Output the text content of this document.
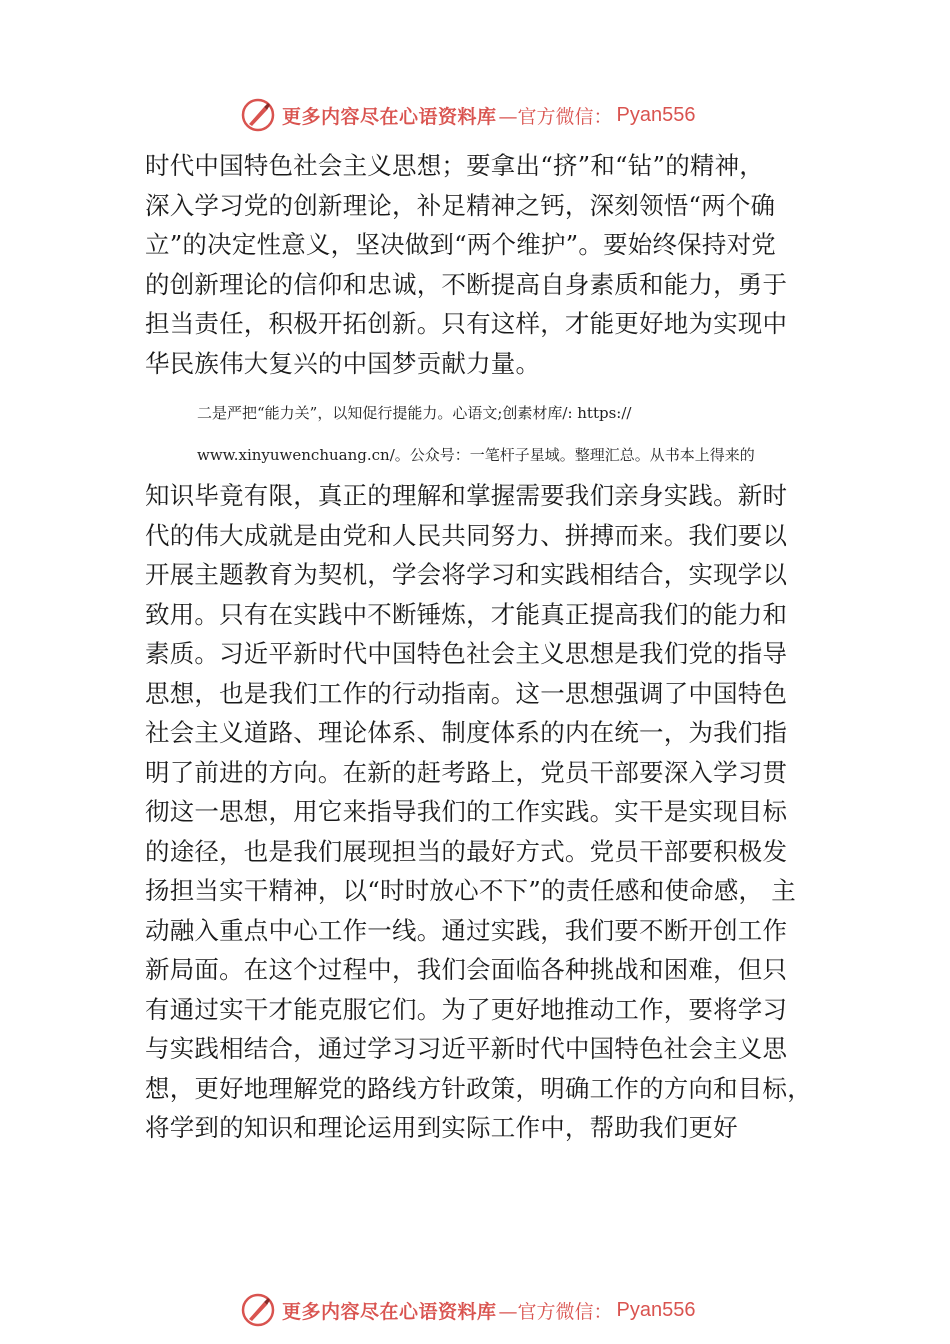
更多内容尽在心语资料库 —官方微信： Pyan556
时代中国特色社会主义思想；要拿出“挤”和“钻”的精神，
深入学习党的创新理论，补足精神之钙，深刻领悟“两个确
立”的决定性意义，坚决做到“两个维护”。要始终保持对党
的创新理论的信仰和忠诚，不断提高自身素质和能力，勇于
担当责任，积极开拓创新。只有这样，才能更好地为实现中
华民族伟大复兴的中国梦贡献力量。

二是严把“能力关”，以知促行提能力。心语文;创素材库/: https://

www.xinyuwenchuang.cn/。公众号：一笔杆子星域。整理汇总。从书本上得来的

知识毕竟有限，真正的理解和掌握需要我们亲身实践。新时
代的伟大成就是由党和人民共同努力、拼搏而来。我们要以
开展主题教育为契机，学会将学习和实践相结合，实现学以
致用。只有在实践中不断锤炼，才能真正提高我们的能力和
素质。习近平新时代中国特色社会主义思想是我们党的指导
思想，也是我们工作的行动指南。这一思想强调了中国特色
社会主义道路、理论体系、制度体系的内在统一，为我们指
明了前进的方向。在新的赶考路上，党员干部要深入学习贯
彻这一思想，用它来指导我们的工作实践。实干是实现目标
的途径，也是我们展现担当的最好方式。党员干部要积极发
扬担当实干精神，以“时时放心不下”的责任感和使命感， 主
动融入重点中心工作一线。通过实践，我们要不断开创工作
新局面。在这个过程中，我们会面临各种挑战和困难，但只
有通过实干才能克服它们。为了更好地推动工作，要将学习
与实践相结合，通过学习习近平新时代中国特色社会主义思
想，更好地理解党的路线方针政策，明确工作的方向和目标，
将学到的知识和理论运用到实际工作中，帮助我们更好
更多内容尽在心语资料库 —官方微信： Pyan556
